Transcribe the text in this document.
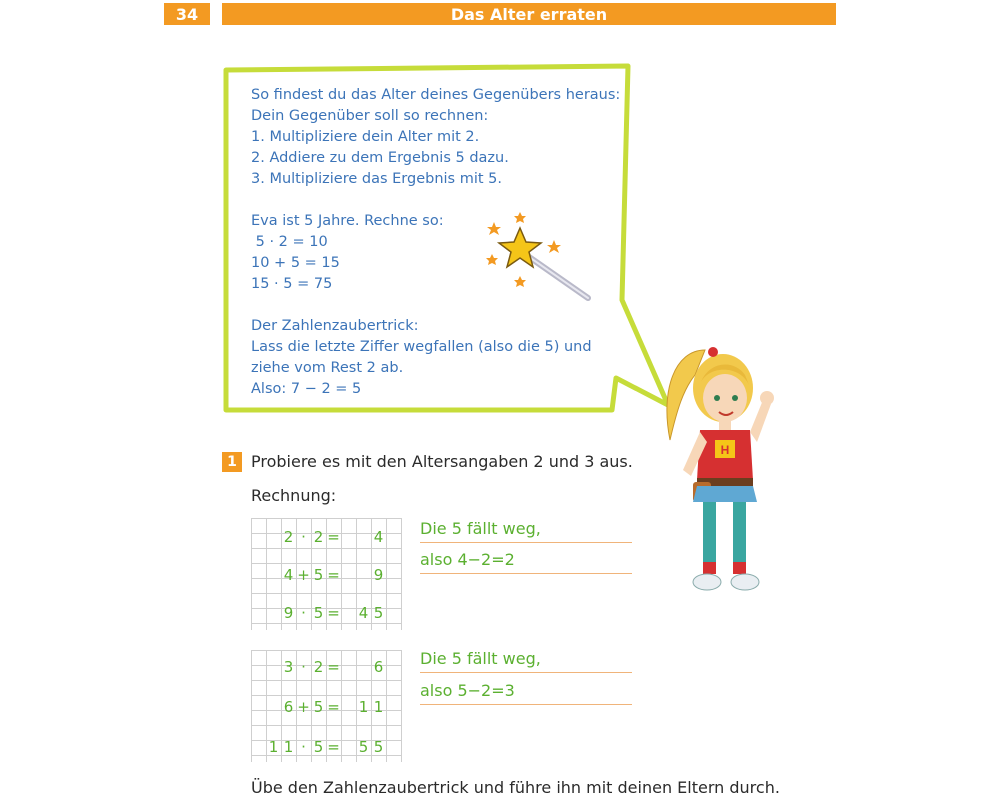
34	Das Alter erraten
So findest du das Alter deines Gegenübers heraus:
Dein Gegenüber soll so rechnen:
1. Multipliziere dein Alter mit 2.
2. Addiere zu dem Ergebnis 5 dazu.
3. Multipliziere das Ergebnis mit 5.
Eva ist 5 Jahre. Rechne so:
5 · 2 = 10
10 + 5 = 15
15 · 5 = 75
Der Zahlenzaubertrick:
Lass die letzte Ziffer wegfallen (also die 5) und
ziehe vom Rest 2 ab.
Also: 7 − 2 = 5
H
1 Probiere es mit den Altersangaben 2 und 3 aus.
Rechnung:
2 · 2 = 4
4 + 5 = 9
9 · 5 = 4 5
Die 5 fällt weg,
also 4−2=2
3 · 2 = 6
6 + 5 = 1 1
1 1 · 5 = 5 5
Die 5 fällt weg,
also 5−2=3
Übe den Zahlenzaubertrick und führe ihn mit deinen Eltern durch.
